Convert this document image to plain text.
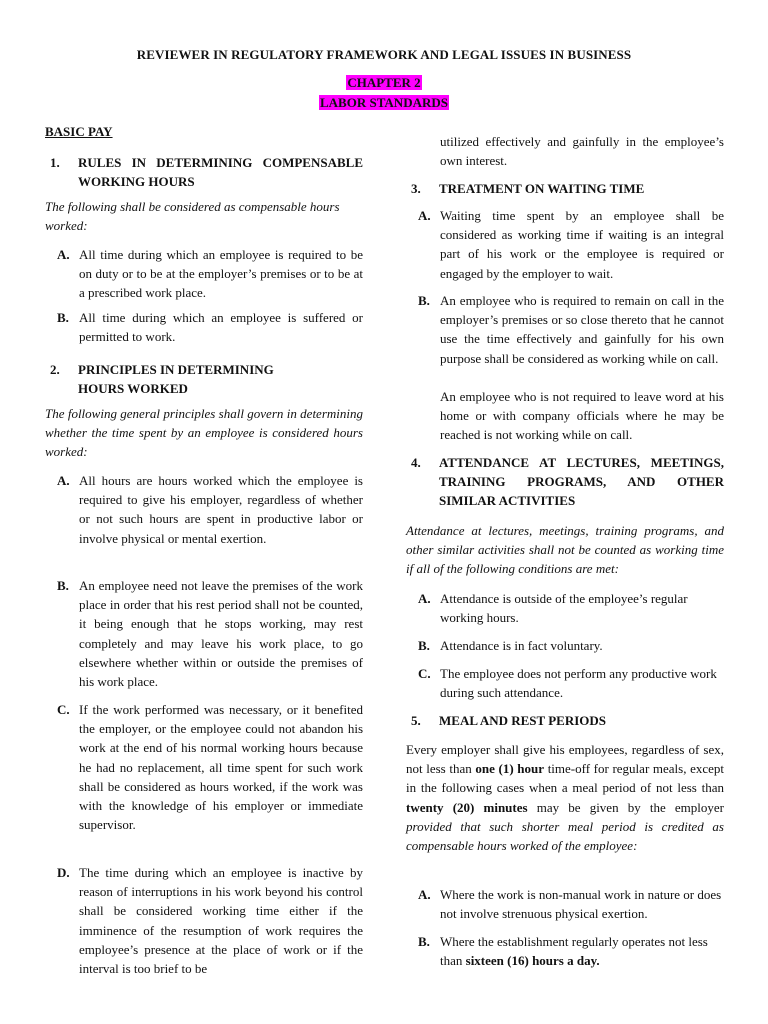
REVIEWER IN REGULATORY FRAMEWORK AND LEGAL ISSUES IN BUSINESS
CHAPTER 2
LABOR STANDARDS
BASIC PAY
1.	RULES IN DETERMINING COMPENSABLE WORKING HOURS
The following shall be considered as compensable hours worked:
A. All time during which an employee is required to be on duty or to be at the employer’s premises or to be at a prescribed work place.
B. All time during which an employee is suffered or permitted to work.
2.	PRINCIPLES IN DETERMINING HOURS WORKED
The following general principles shall govern in determining whether the time spent by an employee is considered hours worked:
A. All hours are hours worked which the employee is required to give his employer, regardless of whether or not such hours are spent in productive labor or involve physical or mental exertion.
B. An employee need not leave the premises of the work place in order that his rest period shall not be counted, it being enough that he stops working, may rest completely and may leave his work place, to go elsewhere whether within or outside the premises of his work place.
C. If the work performed was necessary, or it benefited the employer, or the employee could not abandon his work at the end of his normal working hours because he had no replacement, all time spent for such work shall be considered as hours worked, if the work was with the knowledge of his employer or immediate supervisor.
D. The time during which an employee is inactive by reason of interruptions in his work beyond his control shall be considered working time either if the imminence of the resumption of work requires the employee’s presence at the place of work or if the interval is too brief to be
utilized effectively and gainfully in the employee’s own interest.
3.	TREATMENT ON WAITING TIME
A. Waiting time spent by an employee shall be considered as working time if waiting is an integral part of his work or the employee is required or engaged by the employer to wait.
B. An employee who is required to remain on call in the employer’s premises or so close thereto that he cannot use the time effectively and gainfully for his own purpose shall be considered as working while on call.
An employee who is not required to leave word at his home or with company officials where he may be reached is not working while on call.
4.	ATTENDANCE AT LECTURES, MEETINGS, TRAINING PROGRAMS, AND OTHER SIMILAR ACTIVITIES
Attendance at lectures, meetings, training programs, and other similar activities shall not be counted as working time if all of the following conditions are met:
A. Attendance is outside of the employee’s regular working hours.
B. Attendance is in fact voluntary.
C. The employee does not perform any productive work during such attendance.
5.	MEAL AND REST PERIODS
Every employer shall give his employees, regardless of sex, not less than one (1) hour time-off for regular meals, except in the following cases when a meal period of not less than twenty (20) minutes may be given by the employer provided that such shorter meal period is credited as compensable hours worked of the employee:
A. Where the work is non-manual work in nature or does not involve strenuous physical exertion.
B. Where the establishment regularly operates not less than sixteen (16) hours a day.
